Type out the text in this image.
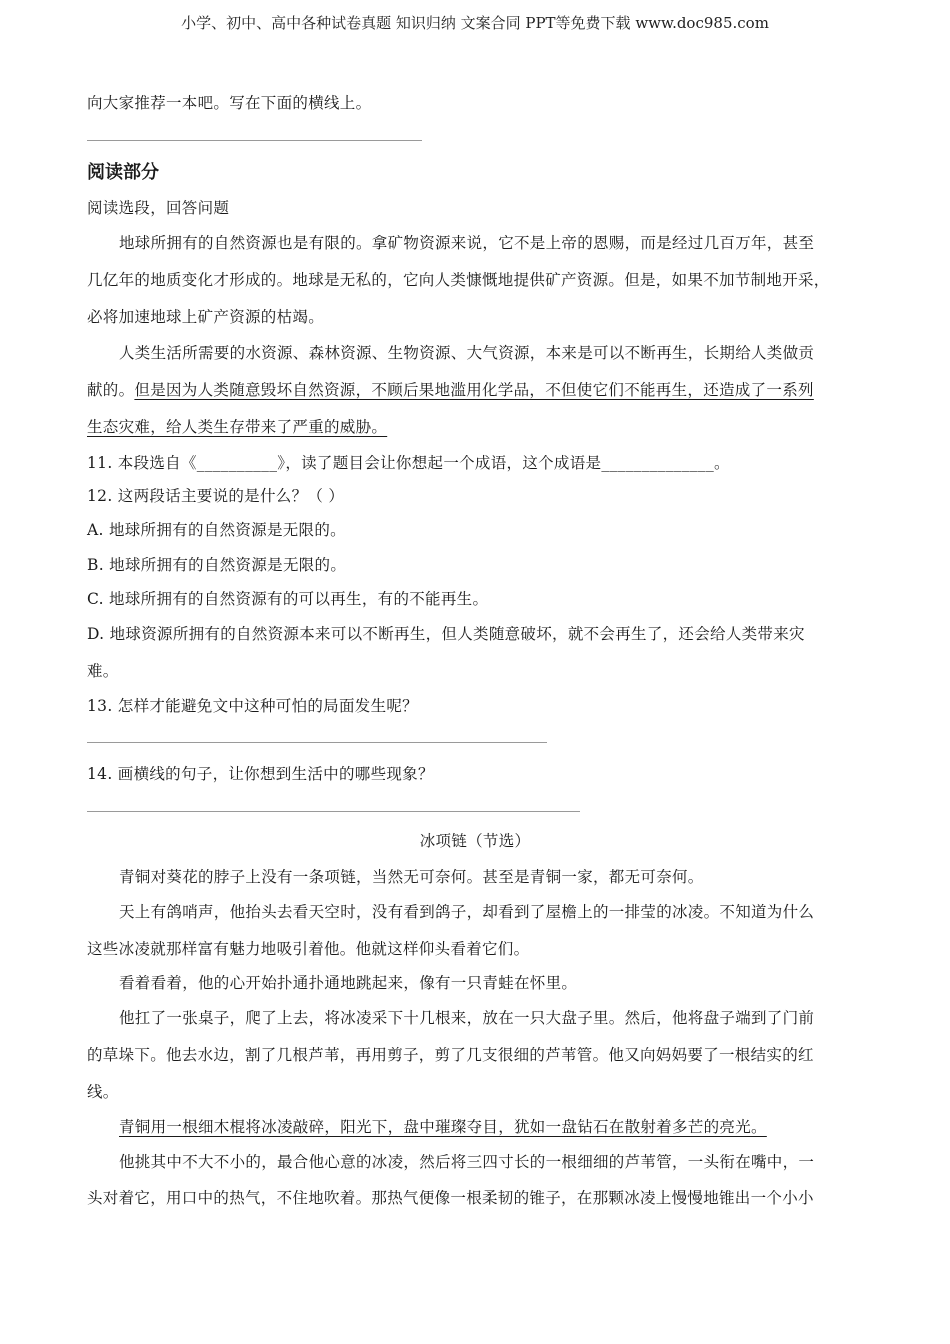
小学、初中、高中各种试卷真题 知识归纳 文案合同 PPT等免费下载 www.doc985.com
向大家推荐一本吧。写在下面的横线上。
阅读部分
阅读选段，回答问题
地球所拥有的自然资源也是有限的。拿矿物资源来说，它不是上帝的恩赐，而是经过几百万年，甚至
几亿年的地质变化才形成的。地球是无私的，它向人类慷慨地提供矿产资源。但是，如果不加节制地开采，
必将加速地球上矿产资源的枯竭。
人类生活所需要的水资源、森林资源、生物资源、大气资源，本来是可以不断再生，长期给人类做贡
献的。但是因为人类随意毁坏自然资源，不顾后果地滥用化学品，不但使它们不能再生，还造成了一系列
生态灾难，给人类生存带来了严重的威胁。
11. 本段选自《__________》，读了题目会让你想起一个成语，这个成语是______________。
12. 这两段话主要说的是什么？（ ）
A. 地球所拥有的自然资源是无限的。
B. 地球所拥有的自然资源是无限的。
C. 地球所拥有的自然资源有的可以再生，有的不能再生。
D. 地球资源所拥有的自然资源本来可以不断再生，但人类随意破坏，就不会再生了，还会给人类带来灾
难。
13. 怎样才能避免文中这种可怕的局面发生呢？
14. 画横线的句子，让你想到生活中的哪些现象？
冰项链（节选）
青铜对葵花的脖子上没有一条项链，当然无可奈何。甚至是青铜一家，都无可奈何。
天上有鸽哨声，他抬头去看天空时，没有看到鸽子，却看到了屋檐上的一排莹的冰凌。不知道为什么
这些冰凌就那样富有魅力地吸引着他。他就这样仰头看着它们。
看着看着，他的心开始扑通扑通地跳起来，像有一只青蛙在怀里。
他扛了一张桌子，爬了上去，将冰凌采下十几根来，放在一只大盘子里。然后，他将盘子端到了门前
的草垛下。他去水边，割了几根芦苇，再用剪子，剪了几支很细的芦苇管。他又向妈妈要了一根结实的红
线。
青铜用一根细木棍将冰凌敲碎，阳光下，盘中璀璨夺目，犹如一盘钻石在散射着多芒的亮光。
他挑其中不大不小的，最合他心意的冰凌，然后将三四寸长的一根细细的芦苇管，一头衔在嘴中，一
头对着它，用口中的热气，不住地吹着。那热气便像一根柔韧的锥子，在那颗冰凌上慢慢地锥出一个小小
